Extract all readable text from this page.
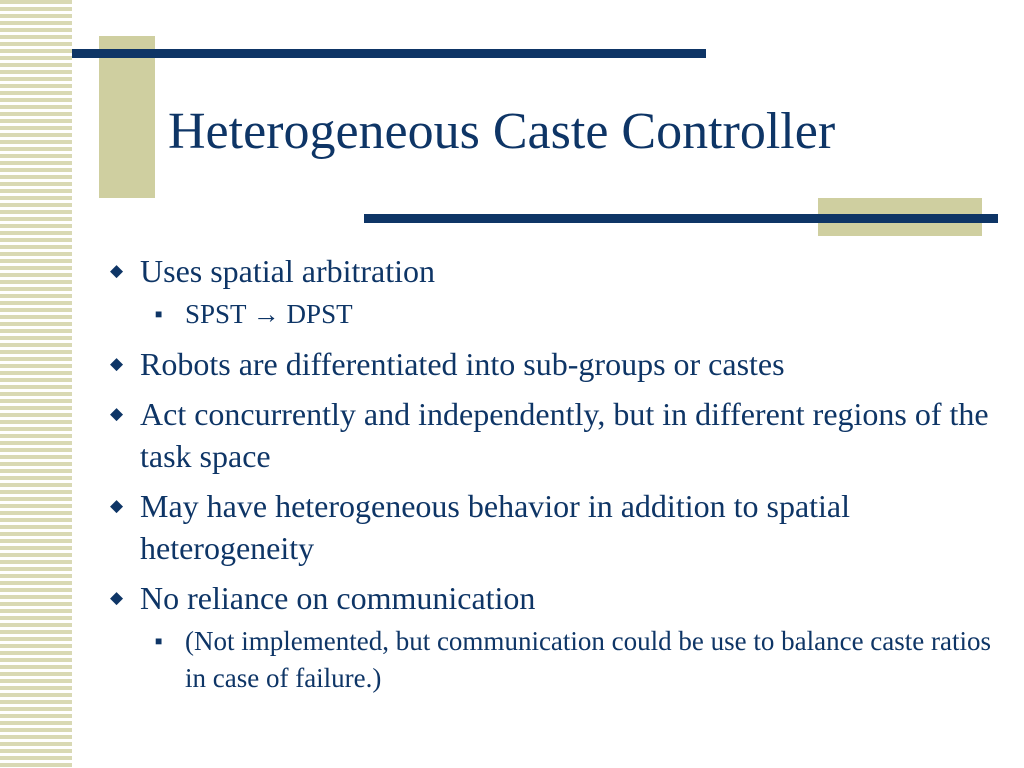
Heterogeneous Caste Controller
◆ Uses spatial arbitration
■ SPST → DPST
◆ Robots are differentiated into sub-groups or castes
◆ Act concurrently and independently, but in different regions of the task space
◆ May have heterogeneous behavior in addition to spatial heterogeneity
◆ No reliance on communication
■ (Not implemented, but communication could be use to balance caste ratios in case of failure.)
